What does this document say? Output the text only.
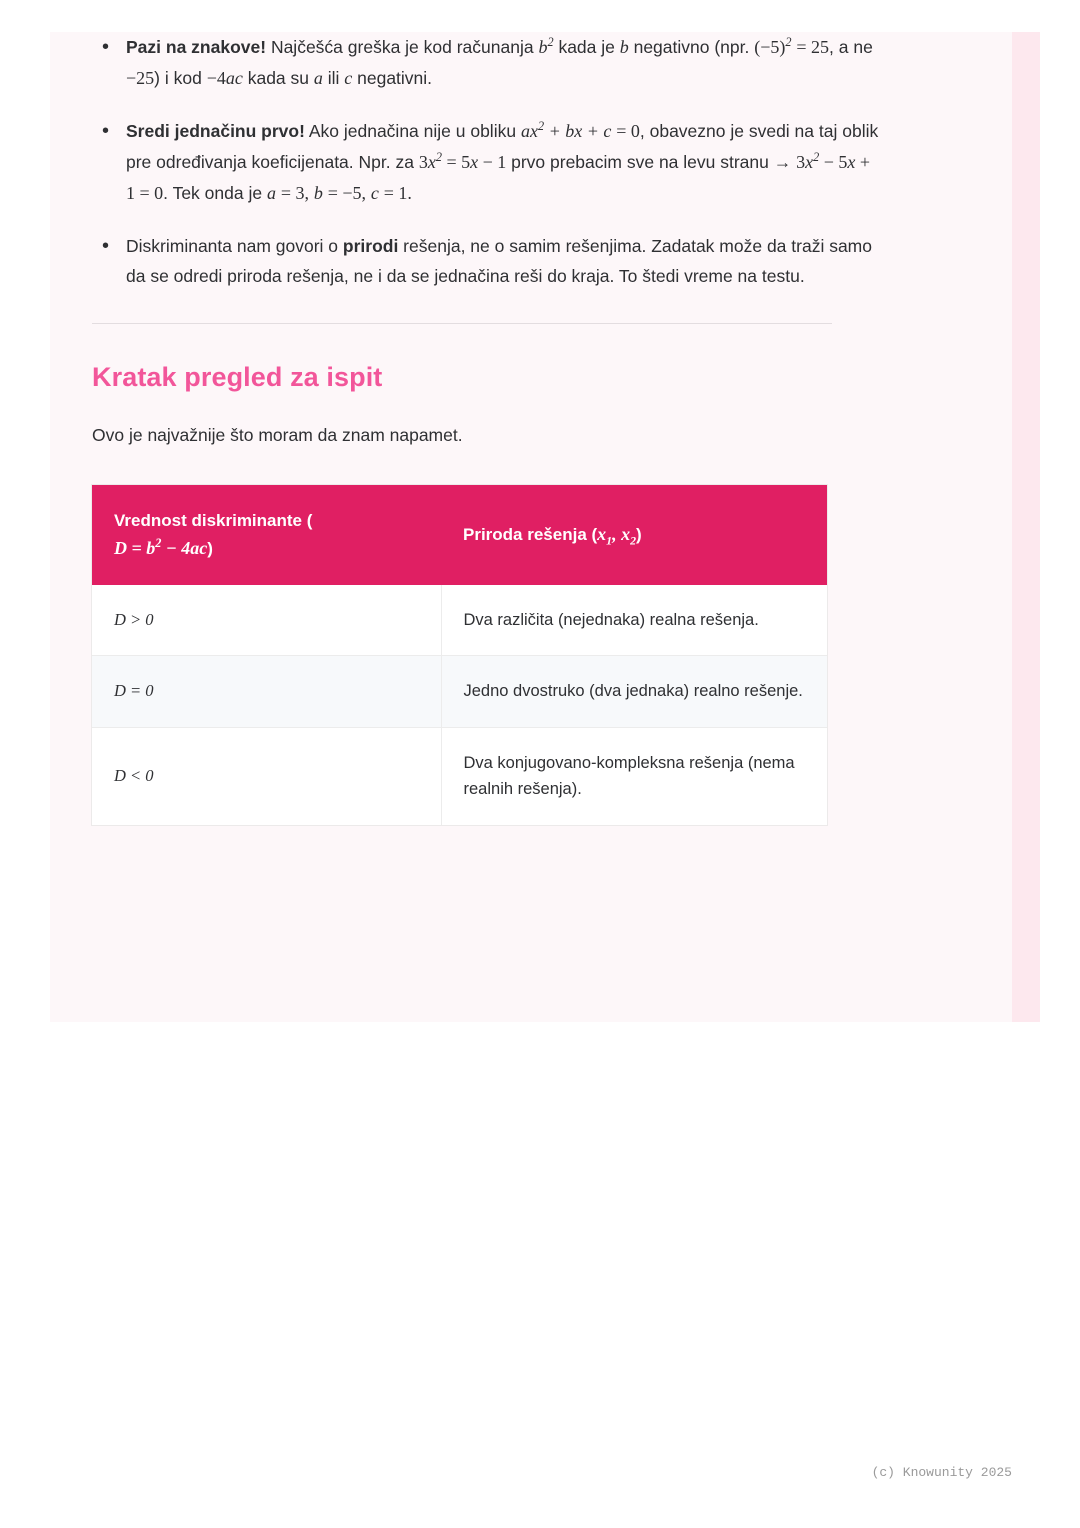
• Pazi na znakove! Najčešća greška je kod računanja $b^2$ kada je b negativno (npr. $(-5)^2 = 25$, a ne −25) i kod −4ac kada su a ili c negativni.
• Sredi jednačinu prvo! Ako jednačina nije u obliku $ax^2$ + bx + c = 0, obavezno je svedi na taj oblik pre određivanja koeficijenata. Npr. za $3x^2 = 5x - 1$ prvo prebacim sve na levu stranu → $3x^2 - 5x + 1 = 0$. Tek onda je a = 3, b = −5, c = 1.
• Diskriminanta nam govori o prirodi rešenja, ne o samim rešenjima. Zadatak može da traži samo da se odredi priroda rešenja, ne i da se jednačina reši do kraja. To štedi vreme na testu.
Kratak pregled za ispit

Ovo je najvažnije što moram da znam napamet.

Vrednost diskriminante (
$D = b^2 - 4ac$)	Priroda rešenja ($x_1$, $x_2$)
D > 0	Dva različita (nejednaka) realna rešenja.
D = 0	Jedno dvostruko (dva jednaka) realno rešenje.
D < 0	Dva konjugovano-kompleksna rešenja (nema realnih rešenja).
(c) Knowunity 2025
